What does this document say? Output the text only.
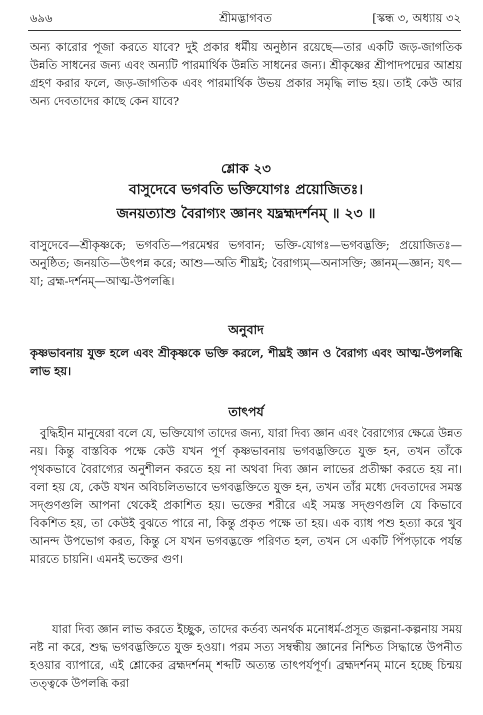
৬৯৬	শ্রীমদ্ভাগবত	[স্কন্ধ ৩, অধ্যায় ৩২
অন্য কারোর পূজা করতে যাবে? দুই প্রকার ধর্মীয় অনুষ্ঠান রয়েছে—তার একটি জড়-জাগতিক উন্নতি সাধনের জন্য এবং অন্যটি পারমার্থিক উন্নতি সাধনের জন্য। শ্রীকৃষ্ণের শ্রীপাদপদ্মের আশ্রয় গ্রহণ করার ফলে, জড়-জাগতিক এবং পারমার্থিক উভয় প্রকার সমৃদ্ধি লাভ হয়। তাই কেউ আর অন্য দেবতাদের কাছে কেন যাবে?
শ্লোক ২৩
বাসুদেবে ভগবতি ভক্তিযোগঃ প্রয়োজিতঃ।
জনয়ত্যাশু বৈরাগ্যং জ্ঞানং যদ্ব্রহ্মদর্শনম্ ॥ ২৩ ॥
বাসুদেবে—শ্রীকৃষ্ণকে; ভগবতি—পরমেশ্বর ভগবান; ভক্তি-যোগঃ—ভগবদ্ভক্তি; প্রয়োজিতঃ—অনুষ্ঠিত; জনয়তি—উৎপন্ন করে; আশু—অতি শীঘ্রই; বৈরাগ্যম্—অনাসক্তি; জ্ঞানম্—জ্ঞান; যৎ—যা; ব্রহ্ম-দর্শনম্—আত্ম-উপলব্ধি।
অনুবাদ
কৃষ্ণভাবনায় যুক্ত হলে এবং শ্রীকৃষ্ণকে ভক্তি করলে, শীঘ্রই জ্ঞান ও বৈরাগ্য এবং আত্ম-উপলব্ধি লাভ হয়।
তাৎপর্য
বুদ্ধিহীন মানুষেরা বলে যে, ভক্তিযোগ তাদের জন্য, যারা দিব্য জ্ঞান এবং বৈরাগ্যের ক্ষেত্রে উন্নত নয়। কিন্তু বাস্তবিক পক্ষে কেউ যখন পূর্ণ কৃষ্ণভাবনায় ভগবদ্ভক্তিতে যুক্ত হন, তখন তাঁকে পৃথকভাবে বৈরাগ্যের অনুশীলন করতে হয় না অথবা দিব্য জ্ঞান লাভের প্রতীক্ষা করতে হয় না। বলা হয় যে, কেউ যখন অবিচলিতভাবে ভগবদ্ভক্তিতে যুক্ত হন, তখন তাঁর মধ্যে দেবতাদের সমস্ত সদ্গুণগুলি আপনা থেকেই প্রকাশিত হয়। ভক্তের শরীরে এই সমস্ত সদ্গুণগুলি যে কিভাবে বিকশিত হয়, তা কেউই বুঝতে পারে না, কিন্তু প্রকৃত পক্ষে তা হয়। এক ব্যাধ পশু হত্যা করে খুব আনন্দ উপভোগ করত, কিন্তু সে যখন ভগবদ্ভক্তে পরিণত হল, তখন সে একটি পিঁপড়াকে পর্যন্ত মারতে চায়নি। এমনই ভক্তের গুণ।
যারা দিব্য জ্ঞান লাভ করতে ইচ্ছুক, তাদের কর্তব্য অনর্থক মনোধর্ম-প্রসূত জল্পনা-কল্পনায় সময় নষ্ট না করে, শুদ্ধ ভগবদ্ভক্তিতে যুক্ত হওয়া। পরম সত্য সম্বন্ধীয় জ্ঞানের নিশ্চিত সিদ্ধান্তে উপনীত হওয়ার ব্যাপারে, এই শ্লোকের ব্রহ্মদর্শনম্ শব্দটি অত্যন্ত তাৎপর্যপূর্ণ। ব্রহ্মদর্শনম্ মানে হচ্ছে চিন্ময় তত্ত্বকে উপলব্ধি করা
